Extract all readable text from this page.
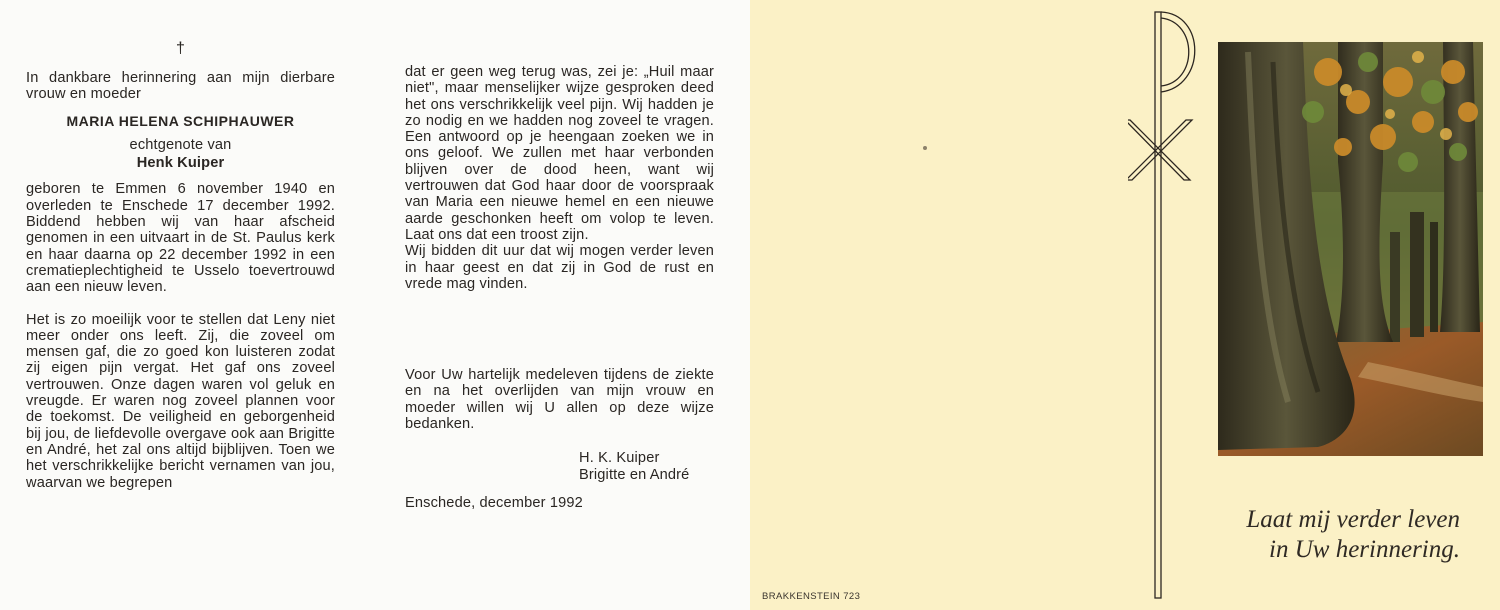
†

In dankbare herinnering aan mijn dierbare vrouw en moeder

MARIA HELENA SCHIPHAUWER
echtgenote van
Henk Kuiper

geboren te Emmen 6 november 1940 en overleden te Enschede 17 december 1992. Biddend hebben wij van haar afscheid genomen in een uitvaart in de St. Paulus kerk en haar daarna op 22 december 1992 in een crematieplechtigheid te Usselo toevertrouwd aan een nieuw leven.

Het is zo moeilijk voor te stellen dat Leny niet meer onder ons leeft. Zij, die zoveel om mensen gaf, die zo goed kon luisteren zodat zij eigen pijn vergat. Het gaf ons zoveel vertrouwen. Onze dagen waren vol geluk en vreugde. Er waren nog zoveel plannen voor de toekomst. De veiligheid en geborgenheid bij jou, de liefdevolle overgave ook aan Brigitte en André, het zal ons altijd bijblijven. Toen we het verschrikkelijke bericht vernamen van jou, waarvan we begrepen

dat er geen weg terug was, zei je: „Huil maar niet", maar menselijker wijze gesproken deed het ons verschrikkelijk veel pijn. Wij hadden je zo nodig en we hadden nog zoveel te vragen. Een antwoord op je heengaan zoeken we in ons geloof. We zullen met haar verbonden blijven over de dood heen, want wij vertrouwen dat God haar door de voorspraak van Maria een nieuwe hemel en een nieuwe aarde geschonken heeft om volop te leven. Laat ons dat een troost zijn.

Wij bidden dit uur dat wij mogen verder leven in haar geest en dat zij in God de rust en vrede mag vinden.

Voor Uw hartelijk medeleven tijdens de ziekte en na het overlijden van mijn vrouw en moeder willen wij U allen op deze wijze bedanken.

H. K. Kuiper
Brigitte en André
Enschede, december 1992
Laat mij verder leven
in Uw herinnering.
BRAKKENSTEIN 723
